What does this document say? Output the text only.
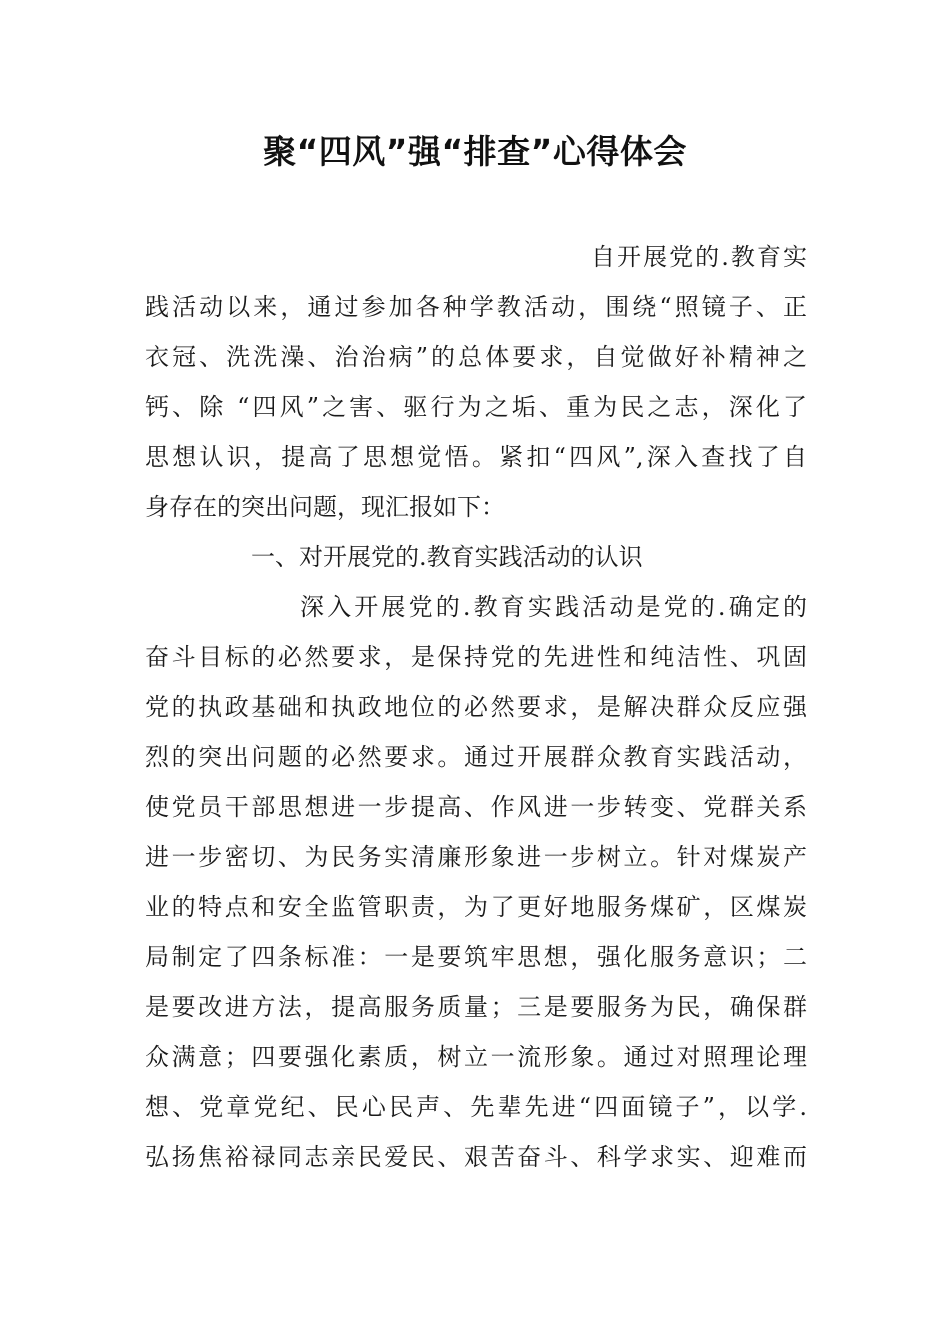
聚“四风”强“排查”心得体会
自开展党的.教育实
践活动以来，通过参加各种学教活动，围绕“照镜子、正
衣冠、洗洗澡、治治病”的总体要求，自觉做好补精神之
钙、除 “四风”之害、驱行为之垢、重为民之志，深化了
思想认识，提高了思想觉悟。紧扣“四风”,深入查找了自
身存在的突出问题，现汇报如下：
一、对开展党的.教育实践活动的认识
深入开展党的.教育实践活动是党的.确定的
奋斗目标的必然要求，是保持党的先进性和纯洁性、巩固
党的执政基础和执政地位的必然要求，是解决群众反应强
烈的突出问题的必然要求。通过开展群众教育实践活动，
使党员干部思想进一步提高、作风进一步转变、党群关系
进一步密切、为民务实清廉形象进一步树立。针对煤炭产
业的特点和安全监管职责，为了更好地服务煤矿，区煤炭
局制定了四条标准：一是要筑牢思想，强化服务意识；二
是要改进方法，提高服务质量；三是要服务为民，确保群
众满意；四要强化素质，树立一流形象。通过对照理论理
想、党章党纪、民心民声、先辈先进“四面镜子”，以学.
弘扬焦裕禄同志亲民爱民、艰苦奋斗、科学求实、迎难而
